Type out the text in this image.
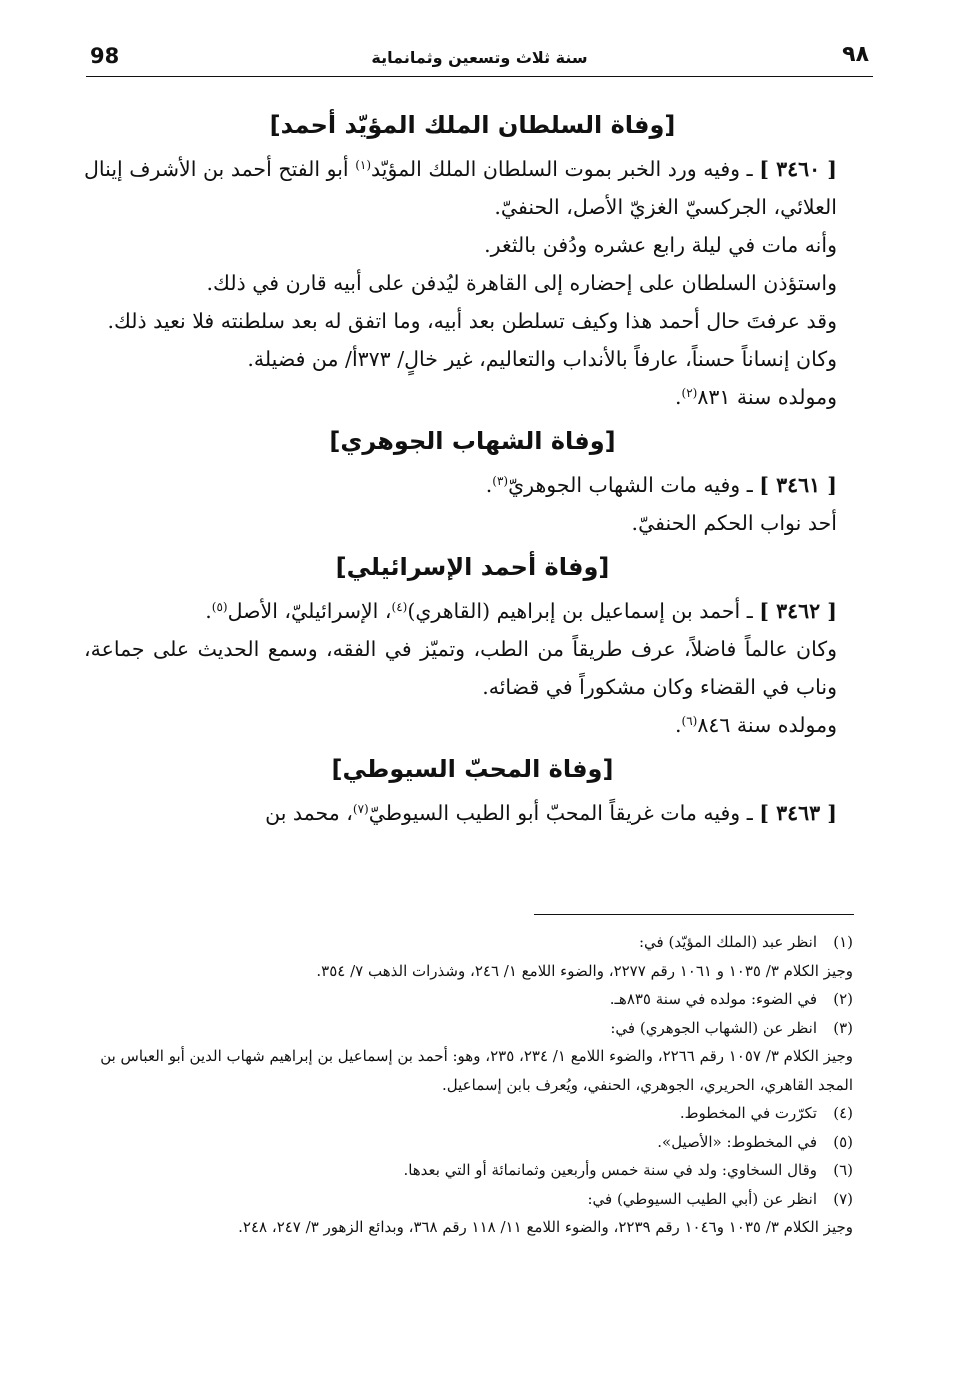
98	سنة ثلاث وتسعين وثمانماية	٩٨
[وفاة السلطان الملك المؤيّد أحمد]

[ ٣٤٦٠ ] ـ وفيه ورد الخبر بموت السلطان الملك المؤيّد$^{(١)}$ أبو الفتح أحمد بن الأشرف إينال العلائي، الجركسيّ الغزيّ الأصل، الحنفيّ.

وأنه مات في ليلة رابع عشره ودُفن بالثغر.

واستؤذن السلطان على إحضاره إلى القاهرة ليُدفن على أبيه قارن في ذلك.

وقد عرفتَ حال أحمد هذا وكيف تسلطن بعد أبيه، وما اتفق له بعد سلطنته فلا نعيد ذلك.

وكان إنساناً حسناً، عارفاً بالأنداب والتعاليم، غير خالٍ/ ٣٧٣أ/ من فضيلة.

ومولده سنة ٨٣١$^{(٢)}$.

[وفاة الشهاب الجوهري]

[ ٣٤٦١ ] ـ وفيه مات الشهاب الجوهريّ$^{(٣)}$.

أحد نواب الحكم الحنفيّ.

[وفاة أحمد الإسرائيلي]

[ ٣٤٦٢ ] ـ أحمد بن إسماعيل بن إبراهيم (القاهري)$^{(٤)}$، الإسرائيليّ، الأصل$^{(٥)}$.

وكان عالماً فاضلاً، عرف طريقاً من الطب، وتميّز في الفقه، وسمع الحديث على جماعة، وناب في القضاء وكان مشكوراً في قضائه.

ومولده سنة ٨٤٦$^{(٦)}$.

[وفاة المحبّ السيوطي]

[ ٣٤٦٣ ] ـ وفيه مات غريقاً المحبّ أبو الطيب السيوطيّ$^{(٧)}$، محمد بن

(١)

انظر عبد (الملك المؤيّد) في:

وجيز الكلام ٣/ ١٠٣٥ و ١٠٦١ رقم ٢٢٧٧، والضوء اللامع ١/ ٢٤٦، وشذرات الذهب ٧/ ٣٥٤.

(٢)

في الضوء: مولده في سنة ٨٣٥هـ.

(٣)

انظر عن (الشهاب الجوهري) في:

وجيز الكلام ٣/ ١٠٥٧ رقم ٢٢٦٦، والضوء اللامع ١/ ٢٣٤، ٢٣٥، وهو: أحمد بن إسماعيل بن إبراهيم شهاب الدين أبو العباس بن المجد القاهري، الحريري، الجوهري، الحنفي، ويُعرف بابن إسماعيل.

(٤)

تكرّرت في المخطوط.

(٥)

في المخطوط: «الأصيل».

(٦)

وقال السخاوي: ولد في سنة خمس وأربعين وثمانمائة أو التي بعدها.

(٧)

انظر عن (أبي الطيب السيوطي) في:

وجيز الكلام ٣/ ١٠٣٥ و١٠٤٦ رقم ٢٢٣٩، والضوء اللامع ١١/ ١١٨ رقم ٣٦٨، وبدائع الزهور ٣/ ٢٤٧، ٢٤٨.
